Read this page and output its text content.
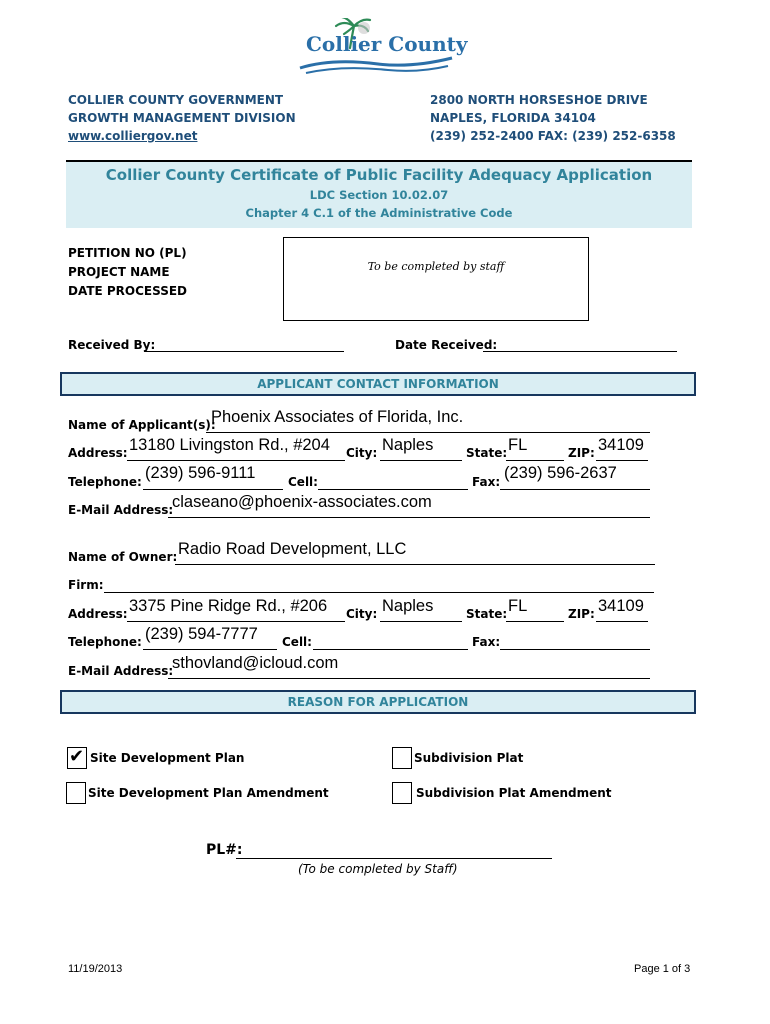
Collier County
COLLIER COUNTY GOVERNMENT
GROWTH MANAGEMENT DIVISION
www.colliergov.net
2800 NORTH HORSESHOE DRIVE
NAPLES, FLORIDA 34104
(239) 252-2400 FAX: (239) 252-6358
Collier County Certificate of Public Facility Adequacy Application
LDC Section 10.02.07
Chapter 4 C.1 of the Administrative Code
PETITION NO (PL)
PROJECT NAME
DATE PROCESSED
To be completed by staff
Received By:	Date Received:
APPLICANT CONTACT INFORMATION
Name of Applicant(s):
Phoenix Associates of Florida, Inc.
Address: 13180 Livingston Rd., #204 City: Naples	State: FL	ZIP: 34109
Telephone: (239) 596-9111	Cell:	Fax: (239) 596-2637
E-Mail Address:
claseano@phoenix-associates.com
Name of Owner: Radio Road Development, LLC
Firm:
Address: 3375 Pine Ridge Rd., #206 City: Naples	State: FL	ZIP: 34109
Telephone: (239) 594-7777 Cell:	Fax:
E-Mail Address:
sthovland@icloud.com
REASON FOR APPLICATION
✔ Site Development Plan	Subdivision Plat
Site Development Plan Amendment	Subdivision Plat Amendment
PL#:
(To be completed by Staff)
11/19/2013	Page 1 of 3
